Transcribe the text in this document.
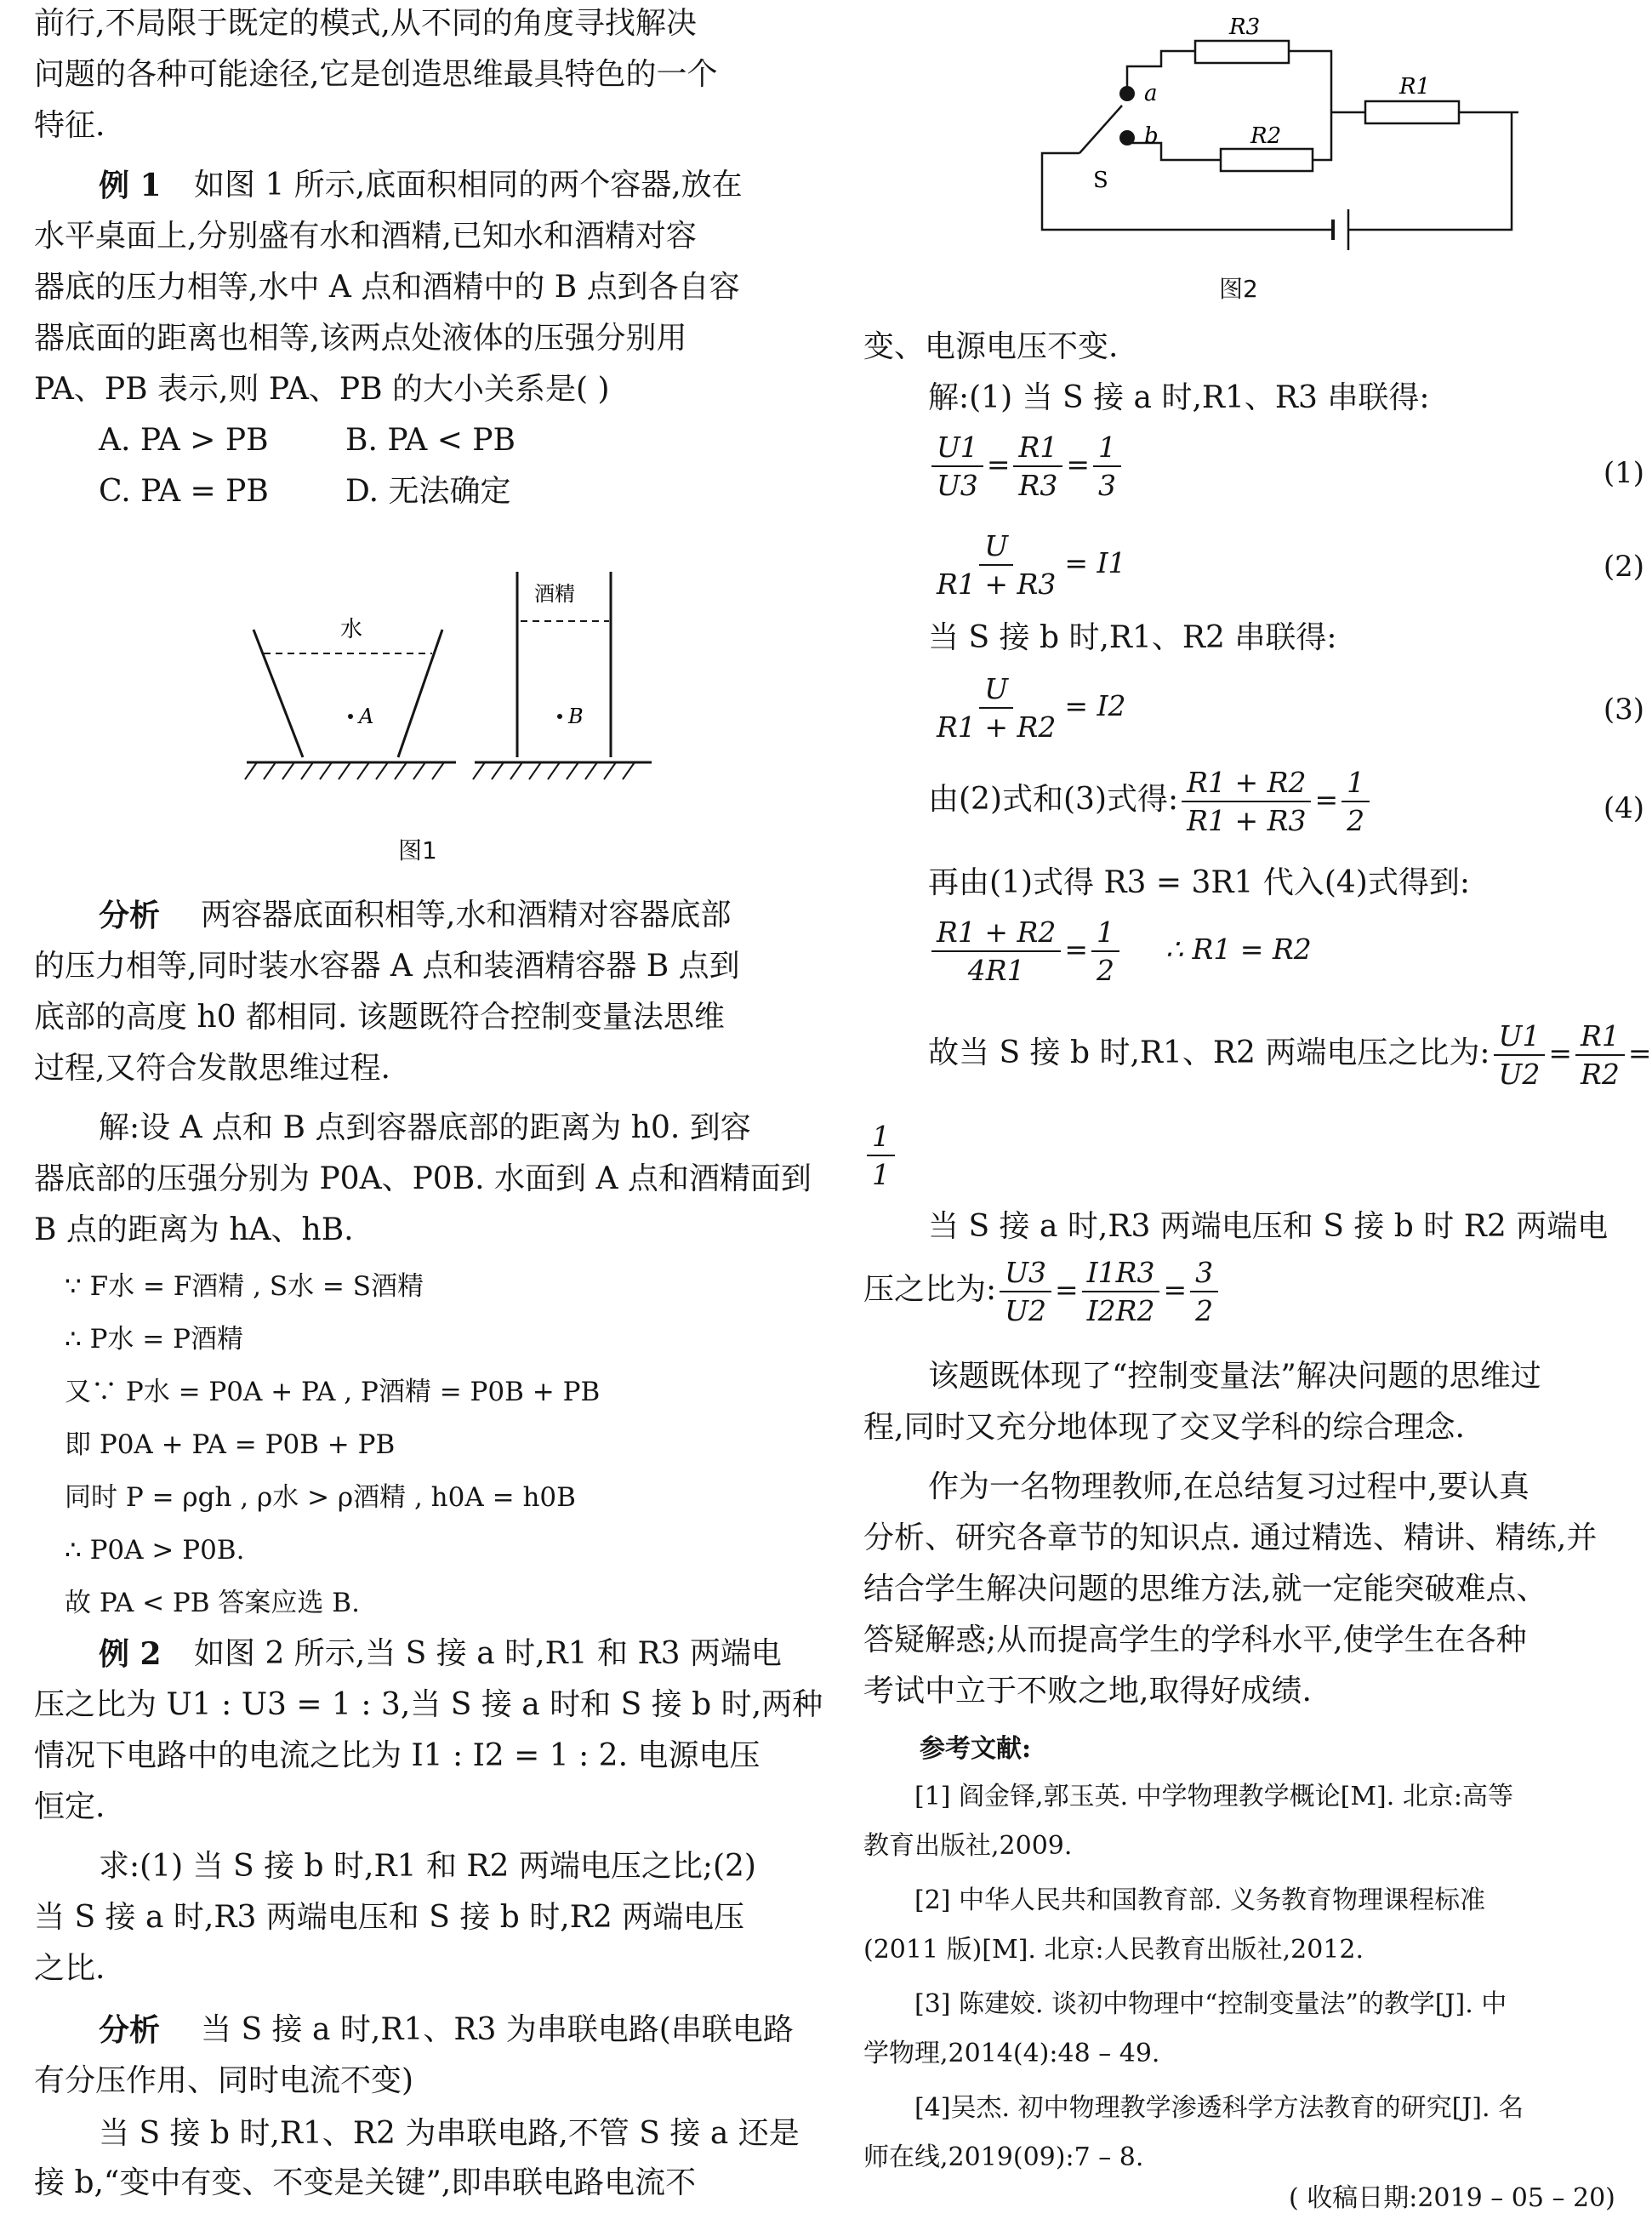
前行,不局限于既定的模式,从不同的角度寻找解决
问题的各种可能途径,它是创造思维最具特色的一个
特征.
例 1 如图 1 所示,底面积相同的两个容器,放在
水平桌面上,分别盛有水和酒精,已知水和酒精对容
器底的压力相等,水中 A 点和酒精中的 B 点到各自容
器底面的距离也相等,该两点处液体的压强分别用
PA、PB 表示,则 PA、PB 的大小关系是( )
A. PA > PB	B. PA < PB
C. PA = PB	D. 无法确定
A
水
酒精
B
图1
分析 两容器底面积相等,水和酒精对容器底部
的压力相等,同时装水容器 A 点和装酒精容器 B 点到
底部的高度 h0 都相同. 该题既符合控制变量法思维
过程,又符合发散思维过程.
解:设 A 点和 B 点到容器底部的距离为 h0. 到容
器底部的压强分别为 P0A、P0B. 水面到 A 点和酒精面到
B 点的距离为 hA、hB.
∵ F水 = F酒精 , S水 = S酒精
∴ P水 = P酒精
又∵ P水 = P0A + PA , P酒精 = P0B + PB
即 P0A + PA = P0B + PB
同时 P = ρgh , ρ水 > ρ酒精 , h0A = h0B
∴ P0A > P0B.
故 PA < PB 答案应选 B.
例 2 如图 2 所示,当 S 接 a 时,R1 和 R3 两端电
压之比为 U1 : U3 = 1 : 3,当 S 接 a 时和 S 接 b 时,两种
情况下电路中的电流之比为 I1 : I2 = 1 : 2. 电源电压
恒定.
求:(1) 当 S 接 b 时,R1 和 R2 两端电压之比;(2)
当 S 接 a 时,R3 两端电压和 S 接 b 时,R2 两端电压
之比.
分析 当 S 接 a 时,R1、R3 为串联电路(串联电路
有分压作用、同时电流不变)
当 S 接 b 时,R1、R2 为串联电路,不管 S 接 a 还是
接 b,“变中有变、不变是关键”,即串联电路电流不
a
b
S
R3
R2
R1
图2
变、电源电压不变.
解:(1) 当 S 接 a 时,R1、R3 串联得:
$\frac{U1}{U3} = \frac{R1}{R3} = \frac{1}{3}$	(1)
$\frac{U}{R1 + R3} = I1$	(2)
当 S 接 b 时,R1、R2 串联得:
$\frac{U}{R1 + R2} = I2$	(3)
由(2)式和(3)式得: $\frac{R1 + R2}{R1 + R3} = \frac{1}{2}$	(4)
再由(1)式得 R3 = 3R1 代入(4)式得到:
$\frac{R1 + R2}{4R1} = \frac{1}{2}$ ∴ R1 = R2
故当 S 接 b 时,R1、R2 两端电压之比为: $\frac{U1}{U2} = \frac{R1}{R2}$ =
$\frac{1}{1}$
当 S 接 a 时,R3 两端电压和 S 接 b 时 R2 两端电
压之比为: $\frac{U3}{U2} = \frac{I1R3}{I2R2} = \frac{3}{2}$
该题既体现了“控制变量法”解决问题的思维过
程,同时又充分地体现了交叉学科的综合理念.
作为一名物理教师,在总结复习过程中,要认真
分析、研究各章节的知识点. 通过精选、精讲、精练,并
结合学生解决问题的思维方法,就一定能突破难点、
答疑解惑;从而提高学生的学科水平,使学生在各种
考试中立于不败之地,取得好成绩.
参考文献:
[1] 阎金铎,郭玉英. 中学物理教学概论[M]. 北京:高等
教育出版社,2009.
[2] 中华人民共和国教育部. 义务教育物理课程标准
(2011 版)[M]. 北京:人民教育出版社,2012.
[3] 陈建姣. 谈初中物理中“控制变量法”的教学[J]. 中
学物理,2014(4):48 – 49.
[4]吴杰. 初中物理教学渗透科学方法教育的研究[J]. 名
师在线,2019(09):7 – 8.
( 收稿日期:2019 – 05 – 20)
